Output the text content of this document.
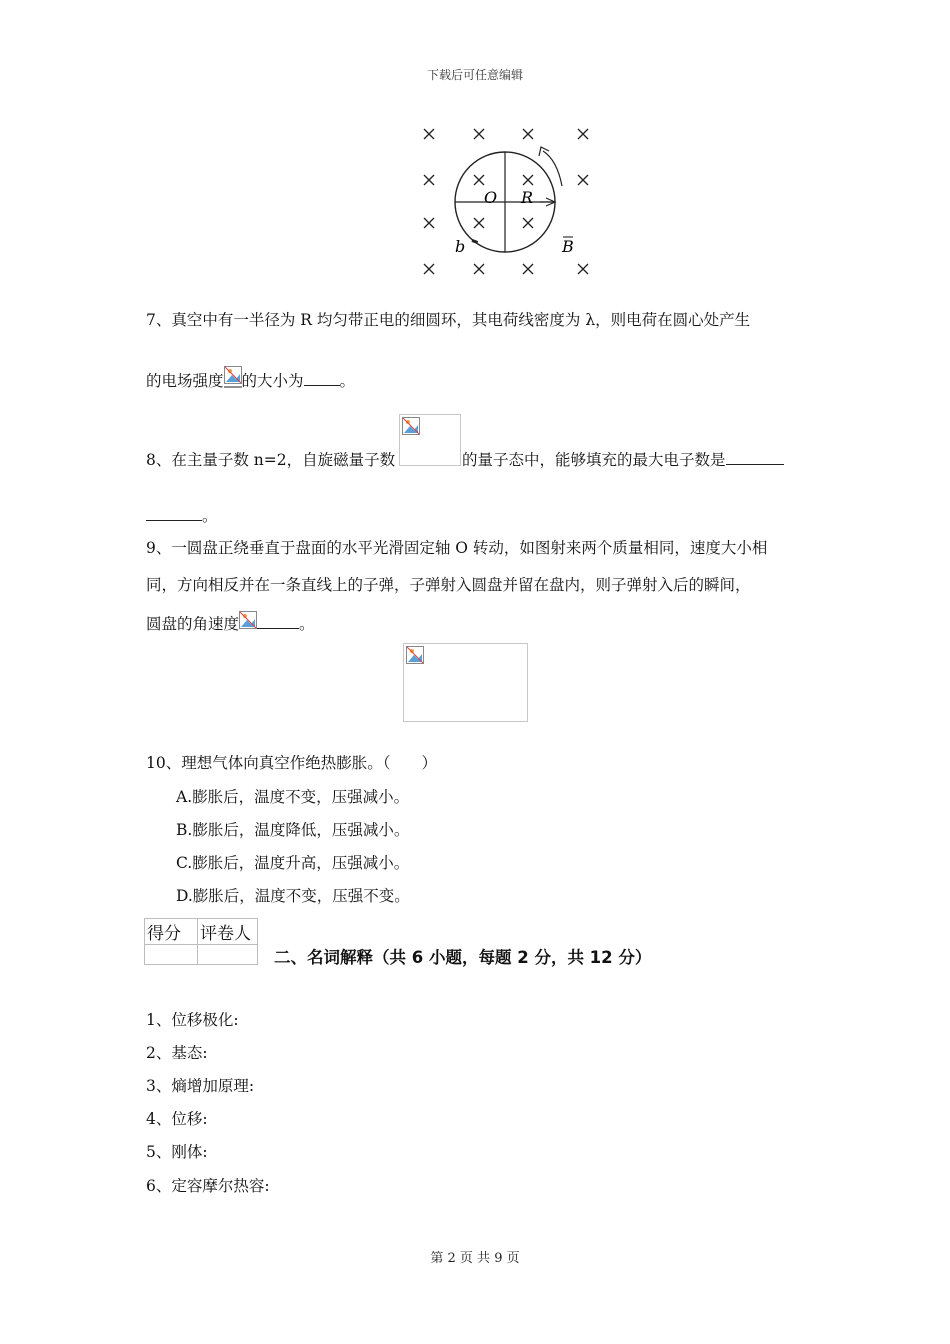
下载后可任意编辑
O R
b	B
7、真空中有一半径为 R 均匀带正电的细圆环，其电荷线密度为 λ，则电荷在圆心处产生
的电场强度 的大小为 。
8、在主量子数 n=2，自旋磁量子数	的量子态中，能够填充的最大电子数是
。
9、一圆盘正绕垂直于盘面的水平光滑固定轴 O 转动，如图射来两个质量相同，速度大小相
同，方向相反并在一条直线上的子弹，子弹射入圆盘并留在盘内，则子弹射入后的瞬间，
圆盘的角速度	。
10、理想气体向真空作绝热膨胀。（　　）
A.膨胀后，温度不变，压强减小。
B.膨胀后，温度降低，压强减小。
C.膨胀后，温度升高，压强减小。
D.膨胀后，温度不变，压强不变。
得分	评卷人

二、名词解释（共 6 小题，每题 2 分，共 12 分）
1、位移极化:
2、基态:
3、熵增加原理:
4、位移:
5、刚体:
6、定容摩尔热容:
第 2 页 共 9 页
